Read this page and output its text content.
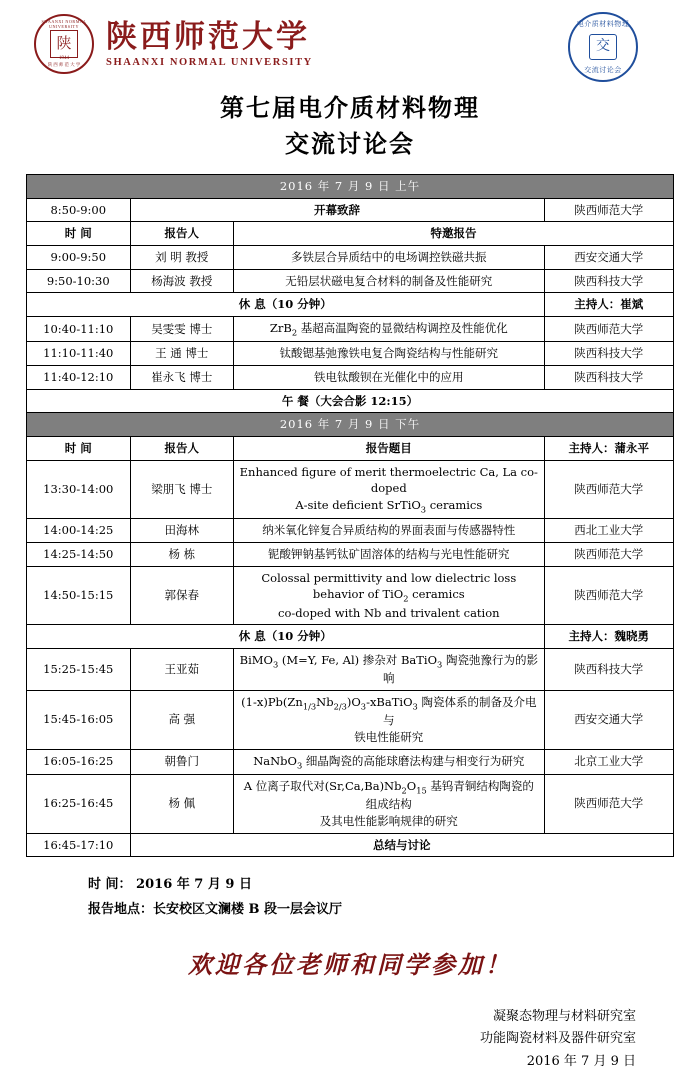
SHAANXI NORMAL UNIVERSITY
陕
1944
陕 西 师 范 大 学
陕西师范大学
SHAANXI NORMAL UNIVERSITY
电介质材料物理
交
交流讨论会
第七届电介质材料物理
交流讨论会
2016 年 7 月 9 日 上午			
8:50-9:00	开幕致辞		陕西师范大学
时 间	报告人	特邀报告	
9:00-9:50	刘 明 教授	多铁层合异质结中的电场调控铁磁共振	西安交通大学
9:50-10:30	杨海波 教授	无铅层状磁电复合材料的制备及性能研究	陕西科技大学
休 息（10 分钟）			主持人：崔斌
10:40-11:10	吴雯雯 博士	ZrB$_2$ 基超高温陶瓷的显微结构调控及性能优化	陕西师范大学
11:10-11:40	王 通 博士	钛酸锶基弛豫铁电复合陶瓷结构与性能研究	陕西科技大学
11:40-12:10	崔永飞 博士	铁电钛酸钡在光催化中的应用	陕西科技大学
午 餐（大会合影 12:15）			
2016 年 7 月 9 日 下午			
时 间	报告人	报告题目	主持人：蒲永平
13:30-14:00	梁朋飞 博士	Enhanced figure of merit thermoelectric Ca, La co-doped
A-site deficient SrTiO$_3$ ceramics	陕西师范大学
14:00-14:25	田海林	纳米氧化锌复合异质结构的界面表面与传感器特性	西北工业大学
14:25-14:50	杨 栋	铌酸钾钠基钙钛矿固溶体的结构与光电性能研究	陕西师范大学
14:50-15:15	郭保春	Colossal permittivity and low dielectric loss behavior of TiO$_2$ ceramics
co-doped with Nb and trivalent cation	陕西师范大学
休 息（10 分钟）			主持人：魏晓勇
15:25-15:45	王亚茹	BiMO$_3$ (M=Y, Fe, Al) 掺杂对 BaTiO$_3$ 陶瓷弛豫行为的影响	陕西科技大学
15:45-16:05	高 强	$(1-x)Pb(Zn_{1/3}Nb_{2/3})O_3-xBaTiO_3$ 陶瓷体系的制备及介电与
铁电性能研究	西安交通大学
16:05-16:25	朝鲁门	NaNbO$_3$ 细晶陶瓷的高能球磨法构建与相变行为研究	北京工业大学
16:25-16:45	杨 佩	A 位离子取代对$(Sr,Ca,Ba)Nb_2O_{15}$ 基钨青铜结构陶瓷的组成结构
及其电性能影响规律的研究	陕西师范大学
16:45-17:10	总结与讨论		
时 间： 2016 年 7 月 9 日
报告地点：长安校区文澜楼 B 段一层会议厅
欢迎各位老师和同学参加！
凝聚态物理与材料研究室
功能陶瓷材料及器件研究室
2016 年 7 月 9 日
